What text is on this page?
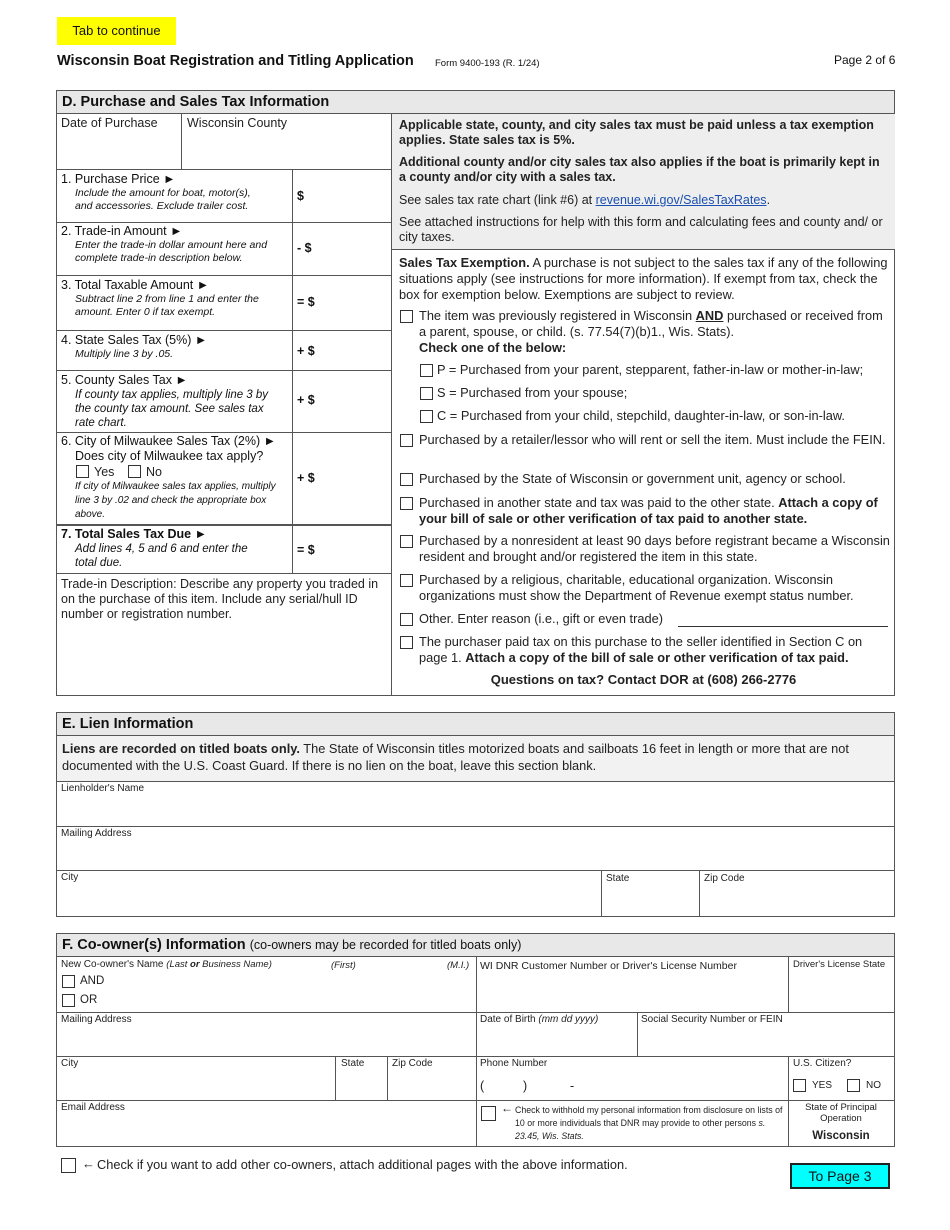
Tab to continue
Wisconsin Boat Registration and Titling Application Form 9400-193 (R. 1/24)	Page 2 of 6
D. Purchase and Sales Tax Information
Date of Purchase Wisconsin County
1. Purchase Price ►
Include the amount for boat, motor(s), and accessories. Exclude trailer cost.
$
2. Trade-in Amount ►
Enter the trade-in dollar amount here and complete trade-in description below.
- $
3. Total Taxable Amount ►
Subtract line 2 from line 1 and enter the amount. Enter 0 if tax exempt.
= $
4. State Sales Tax (5%) ►
Multiply line 3 by .05.	+ $
5. County Sales Tax ►
If county tax applies, multiply line 3 by the county tax amount. See sales tax rate chart.
+ $
6. City of Milwaukee Sales Tax (2%) ►
Does city of Milwaukee tax apply?
Yes	No
If city of Milwaukee sales tax applies, multiply line 3 by .02 and check the appropriate box above.
+ $
7. Total Sales Tax Due ►
Add lines 4, 5 and 6 and enter the total due.
= $
Trade-in Description: Describe any property you traded in on the purchase of this item. Include any serial/hull ID number or registration number.
Applicable state, county, and city sales tax must be paid unless a tax exemption applies. State sales tax is 5%.
Additional county and/or city sales tax also applies if the boat is primarily kept in a county and/or city with a sales tax.
See sales tax rate chart (link #6) at revenue.wi.gov/SalesTaxRates.
See attached instructions for help with this form and calculating fees and county and/ or city taxes.
Sales Tax Exemption. A purchase is not subject to the sales tax if any of the following situations apply (see instructions for more information). If exempt from tax, check the box for exemption below. Exemptions are subject to review.
The item was previously registered in Wisconsin AND purchased or received from a parent, spouse, or child. (s. 77.54(7)(b)1., Wis. Stats).
Check one of the below:
P = Purchased from your parent, stepparent, father-in-law or mother-in-law;
S = Purchased from your spouse;
C = Purchased from your child, stepchild, daughter-in-law, or son-in-law.
Purchased by a retailer/lessor who will rent or sell the item. Must include the FEIN.
Purchased by the State of Wisconsin or government unit, agency or school.
Purchased in another state and tax was paid to the other state. Attach a copy of your bill of sale or other verification of tax paid to another state.
Purchased by a nonresident at least 90 days before registrant became a Wisconsin resident and brought and/or registered the item in this state.
Purchased by a religious, charitable, educational organization. Wisconsin organizations must show the Department of Revenue exempt status number.
Other. Enter reason (i.e., gift or even trade)
The purchaser paid tax on this purchase to the seller identified in Section C on page 1. Attach a copy of the bill of sale or other verification of tax paid.
Questions on tax? Contact DOR at (608) 266-2776
E. Lien Information
Liens are recorded on titled boats only. The State of Wisconsin titles motorized boats and sailboats 16 feet in length or more that are not documented with the U.S. Coast Guard. If there is no lien on the boat, leave this section blank.
Lienholder's Name
Mailing Address
City	State	Zip Code
F. Co-owner(s) Information (co-owners may be recorded for titled boats only)
New Co-owner's Name (Last or Business Name)	(First)	(M.I.)
AND
OR
WI DNR Customer Number or Driver's License Number	Driver's License State
Mailing Address	Date of Birth (mm dd yyyy)	Social Security Number or FEIN
City	State	Zip Code	Phone Number
(	)	-
U.S. Citizen?
YES	NO
Email Address	← Check to withhold my personal information from disclosure on lists of 10 or more individuals that DNR may provide to other persons s. 23.45, Wis. Stats.
State of Principal Operation
Wisconsin
← Check if you want to add other co-owners, attach additional pages with the above information.
To Page 3
